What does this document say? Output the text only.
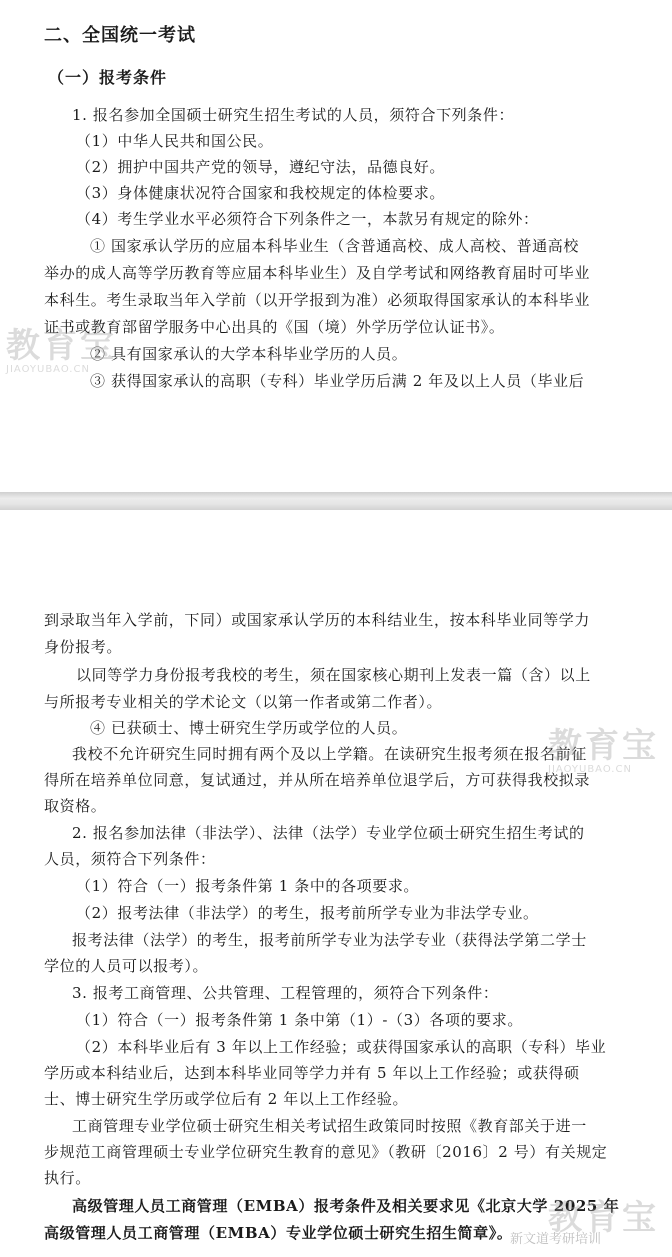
二、全国统一考试
（一）报考条件
1. 报名参加全国硕士研究生招生考试的人员，须符合下列条件：
（1）中华人民共和国公民。
（2）拥护中国共产党的领导，遵纪守法，品德良好。
（3）身体健康状况符合国家和我校规定的体检要求。
（4）考生学业水平必须符合下列条件之一，本款另有规定的除外：
① 国家承认学历的应届本科毕业生（含普通高校、成人高校、普通高校
举办的成人高等学历教育等应届本科毕业生）及自学考试和网络教育届时可毕业
本科生。考生录取当年入学前（以开学报到为准）必须取得国家承认的本科毕业
证书或教育部留学服务中心出具的《国（境）外学历学位认证书》。
② 具有国家承认的大学本科毕业学历的人员。
③ 获得国家承认的高职（专科）毕业学历后满 2 年及以上人员（毕业后
教育宝
JIAOYUBAO.CN
到录取当年入学前，下同）或国家承认学历的本科结业生，按本科毕业同等学力
身份报考。
以同等学力身份报考我校的考生，须在国家核心期刊上发表一篇（含）以上
与所报考专业相关的学术论文（以第一作者或第二作者）。
④ 已获硕士、博士研究生学历或学位的人员。
我校不允许研究生同时拥有两个及以上学籍。在读研究生报考须在报名前征
得所在培养单位同意，复试通过，并从所在培养单位退学后，方可获得我校拟录
取资格。
2. 报名参加法律（非法学）、法律（法学）专业学位硕士研究生招生考试的
人员，须符合下列条件：
（1）符合（一）报考条件第 1 条中的各项要求。
（2）报考法律（非法学）的考生，报考前所学专业为非法学专业。
报考法律（法学）的考生，报考前所学专业为法学专业（获得法学第二学士
学位的人员可以报考）。
3. 报考工商管理、公共管理、工程管理的，须符合下列条件：
（1）符合（一）报考条件第 1 条中第（1）-（3）各项的要求。
（2）本科毕业后有 3 年以上工作经验；或获得国家承认的高职（专科）毕业
学历或本科结业后，达到本科毕业同等学力并有 5 年以上工作经验；或获得硕
士、博士研究生学历或学位后有 2 年以上工作经验。
工商管理专业学位硕士研究生相关考试招生政策同时按照《教育部关于进一
步规范工商管理硕士专业学位研究生教育的意见》（教研〔2016〕2 号）有关规定
执行。
高级管理人员工商管理（EMBA）报考条件及相关要求见《北京大学 2025 年
高级管理人员工商管理（EMBA）专业学位硕士研究生招生简章》。
教育宝
JIAOYUBAO.CN
教育宝
新文道考研培训
